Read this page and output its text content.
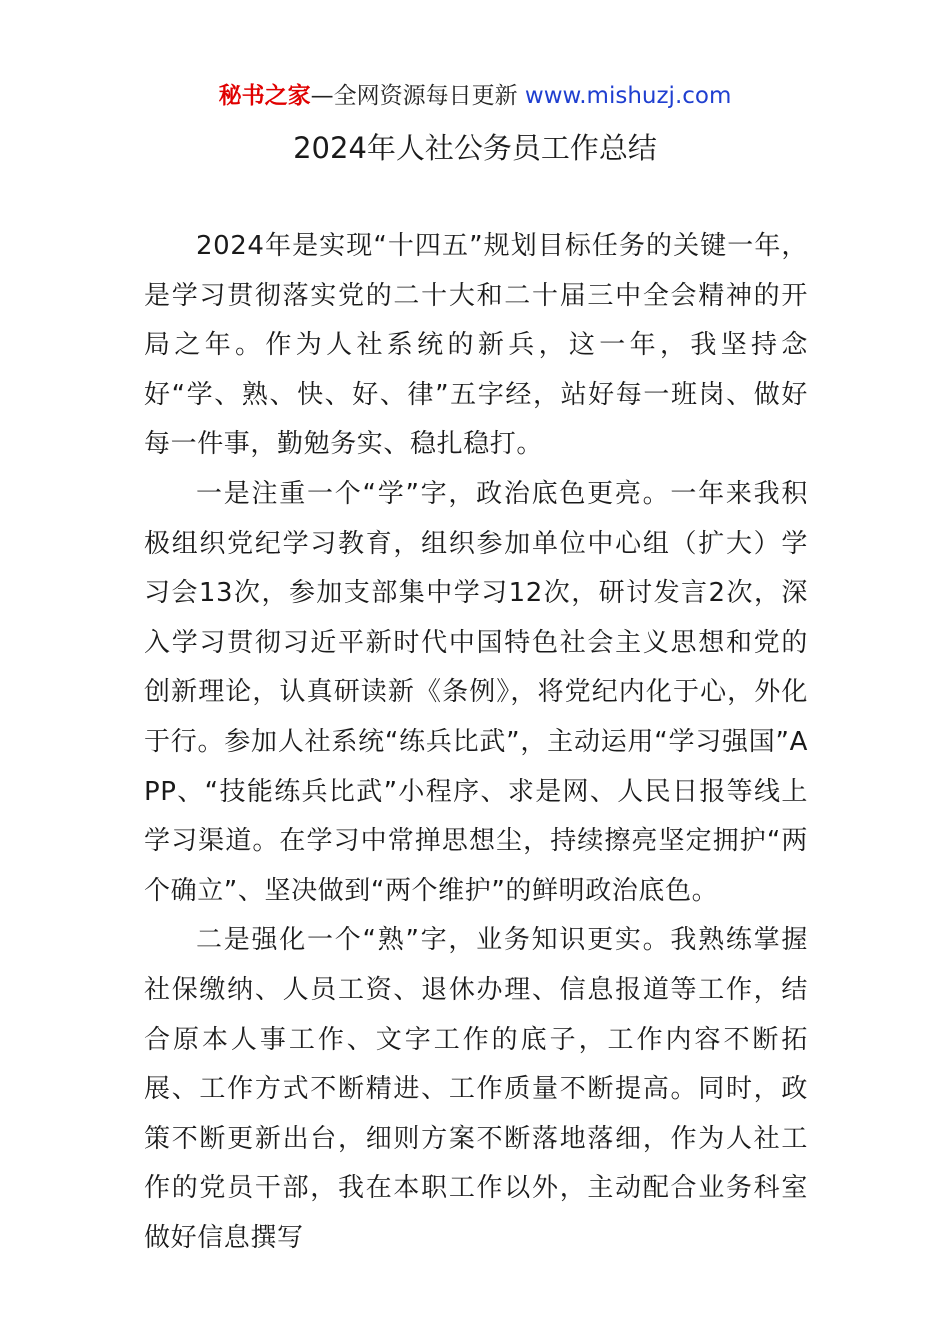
秘书之家—全网资源每日更新 www.mishuzj.com
2024年人社公务员工作总结

2024年是实现“十四五”规划目标任务的关键一年，是学习贯彻落实党的二十大和二十届三中全会精神的开局之年。作为人社系统的新兵，这一年，我坚持念好“学、熟、快、好、律”五字经，站好每一班岗、做好每一件事，勤勉务实、稳扎稳打。

一是注重一个“学”字，政治底色更亮。一年来我积极组织党纪学习教育，组织参加单位中心组（扩大）学习会13次，参加支部集中学习12次，研讨发言2次，深入学习贯彻习近平新时代中国特色社会主义思想和党的创新理论，认真研读新《条例》，将党纪内化于心，外化于行。参加人社系统“练兵比武”，主动运用“学习强国”APP、“技能练兵比武”小程序、求是网、人民日报等线上学习渠道。在学习中常掸思想尘，持续擦亮坚定拥护“两个确立”、坚决做到“两个维护”的鲜明政治底色。

二是强化一个“熟”字，业务知识更实。我熟练掌握社保缴纳、人员工资、退休办理、信息报道等工作，结合原本人事工作、文字工作的底子，工作内容不断拓展、工作方式不断精进、工作质量不断提高。同时，政策不断更新出台，细则方案不断落地落细，作为人社工作的党员干部，我在本职工作以外，主动配合业务科室做好信息撰写
